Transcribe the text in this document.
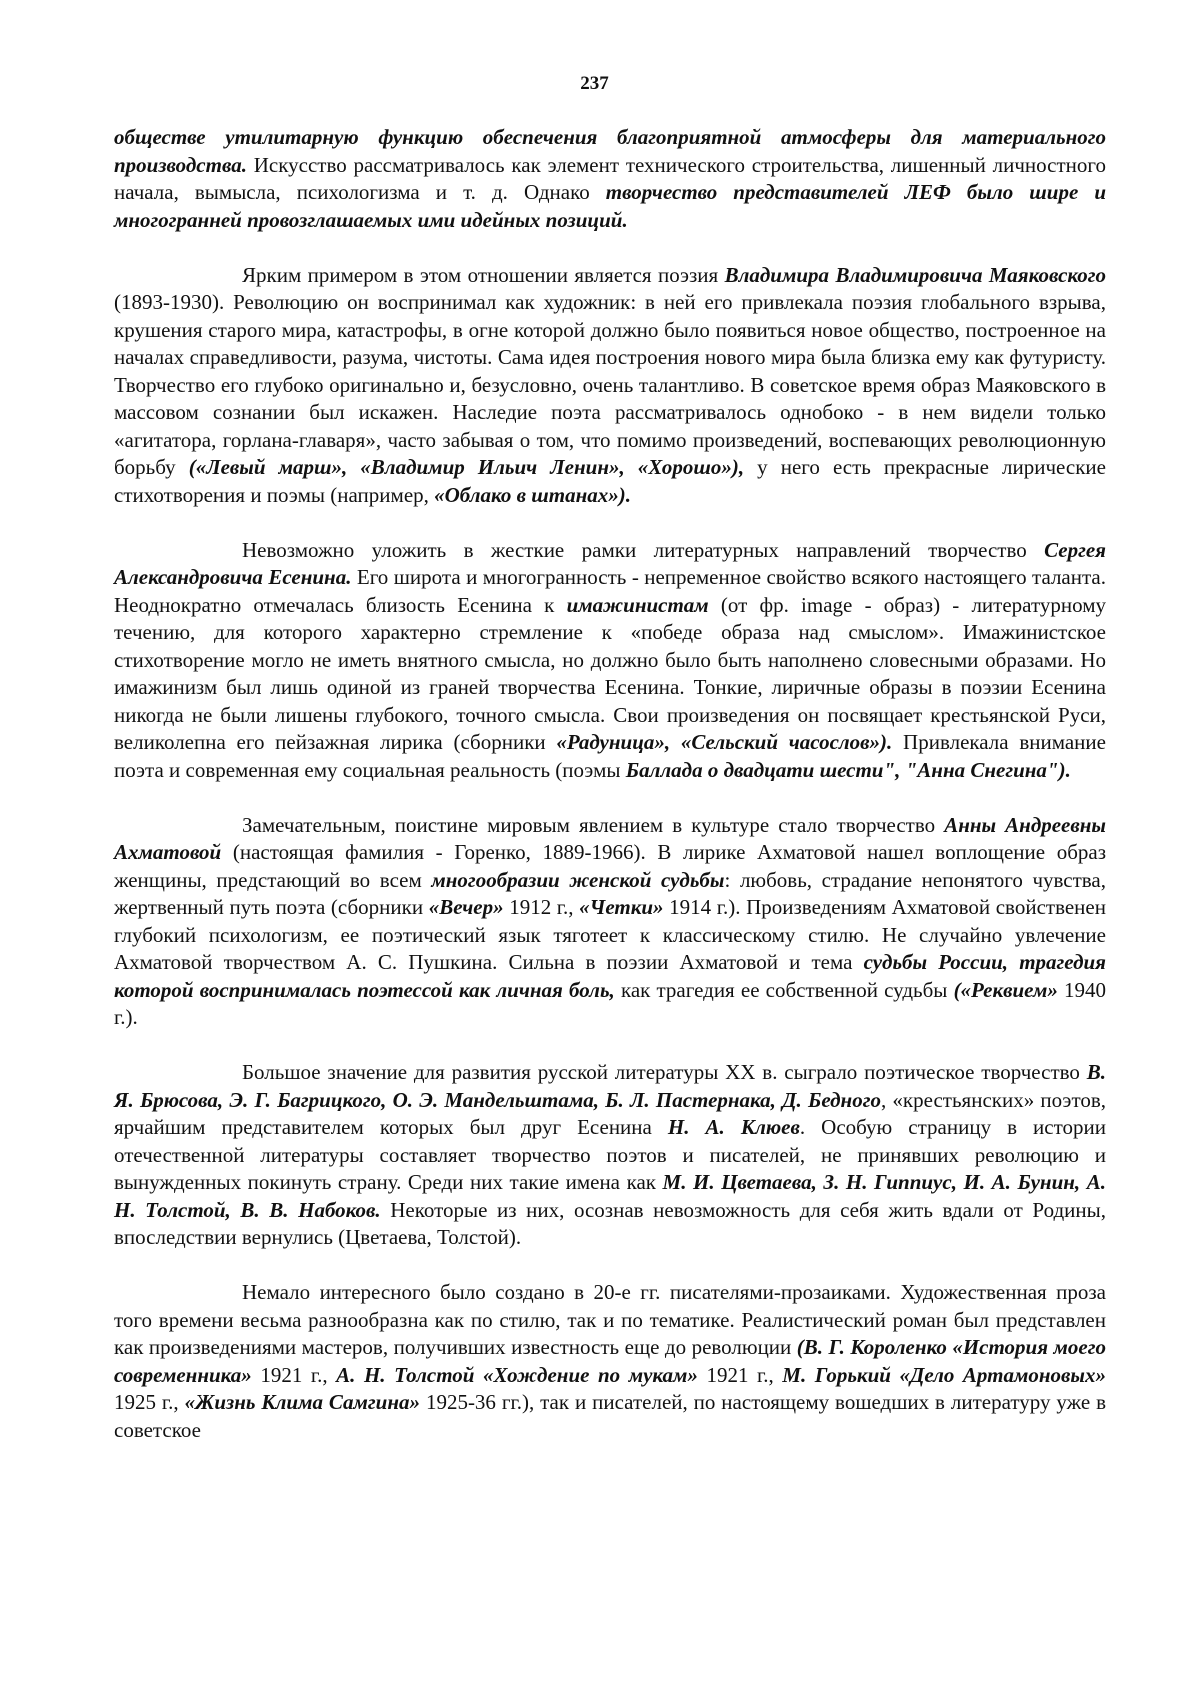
237

обществе утилитарную функцию обеспечения благоприятной атмосферы для материального производства. Искусство рассматривалось как элемент технического строительства, лишенный личностного начала, вымысла, психологизма и т. д. Однако творчество представителей ЛЕФ было шире и многогранней провозглашаемых ими идейных позиций.

Ярким примером в этом отношении является поэзия Владимира Владимировича Маяковского (1893-1930). Революцию он воспринимал как художник: в ней его привлекала поэзия глобального взрыва, крушения старого мира, катастрофы, в огне которой должно было появиться новое общество, построенное на началах справедливости, разума, чистоты. Сама идея построения нового мира была близка ему как футуристу. Творчество его глубоко оригинально и, безусловно, очень талантливо. В советское время образ Маяковского в массовом сознании был искажен. Наследие поэта рассматривалось однобоко - в нем видели только «агитатора, горлана-главаря», часто забывая о том, что помимо произведений, воспевающих революционную борьбу («Левый марш», «Владимир Ильич Ленин», «Хорошо»), у него есть прекрасные лирические стихотворения и поэмы (например, «Облако в штанах»).

Невозможно уложить в жесткие рамки литературных направлений творчество Сергея Александровича Есенина. Его широта и многогранность - непременное свойство всякого настоящего таланта. Неоднократно отмечалась близость Есенина к имажинистам (от фр. image - образ) - литературному течению, для которого характерно стремление к «победе образа над смыслом». Имажинистское стихотворение могло не иметь внятного смысла, но должно было быть наполнено словесными образами. Но имажинизм был лишь одиной из граней творчества Есенина. Тонкие, лиричные образы в поэзии Есенина никогда не были лишены глубокого, точного смысла. Свои произведения он посвящает крестьянской Руси, великолепна его пейзажная лирика (сборники «Радуница», «Сельский часослов»). Привлекала внимание поэта и современная ему социальная реальность (поэмы Баллада о двадцати шести", "Анна Снегина").

Замечательным, поистине мировым явлением в культуре стало творчество Анны Андреевны Ахматовой (настоящая фамилия - Горенко, 1889-1966). В лирике Ахматовой нашел воплощение образ женщины, предстающий во всем многообразии женской судьбы: любовь, страдание непонятого чувства, жертвенный путь поэта (сборники «Вечер» 1912 г., «Четки» 1914 г.). Произведениям Ахматовой свойственен глубокий психологизм, ее поэтический язык тяготеет к классическому стилю. Не случайно увлечение Ахматовой творчеством А. С. Пушкина. Сильна в поэзии Ахматовой и тема судьбы России, трагедия которой воспринималась поэтессой как личная боль, как трагедия ее собственной судьбы («Реквием» 1940 г.).

Большое значение для развития русской литературы XX в. сыграло поэтическое творчество В. Я. Брюсова, Э. Г. Багрицкого, О. Э. Мандельштама, Б. Л. Пастернака, Д. Бедного, «крестьянских» поэтов, ярчайшим представителем которых был друг Есенина Н. А. Клюев. Особую страницу в истории отечественной литературы составляет творчество поэтов и писателей, не принявших революцию и вынужденных покинуть страну. Среди них такие имена как М. И. Цветаева, З. Н. Гиппиус, И. А. Бунин, А. Н. Толстой, В. В. Набоков. Некоторые из них, осознав невозможность для себя жить вдали от Родины, впоследствии вернулись (Цветаева, Толстой).

Немало интересного было создано в 20-е гг. писателями-прозаиками. Художественная проза того времени весьма разнообразна как по стилю, так и по тематике. Реалистический роман был представлен как произведениями мастеров, получивших известность еще до революции (В. Г. Короленко «История моего современника» 1921 г., А. Н. Толстой «Хождение по мукам» 1921 г., М. Горький «Дело Артамоновых» 1925 г., «Жизнь Клима Самгина» 1925-36 гг.), так и писателей, по настоящему вошедших в литературу уже в советское
